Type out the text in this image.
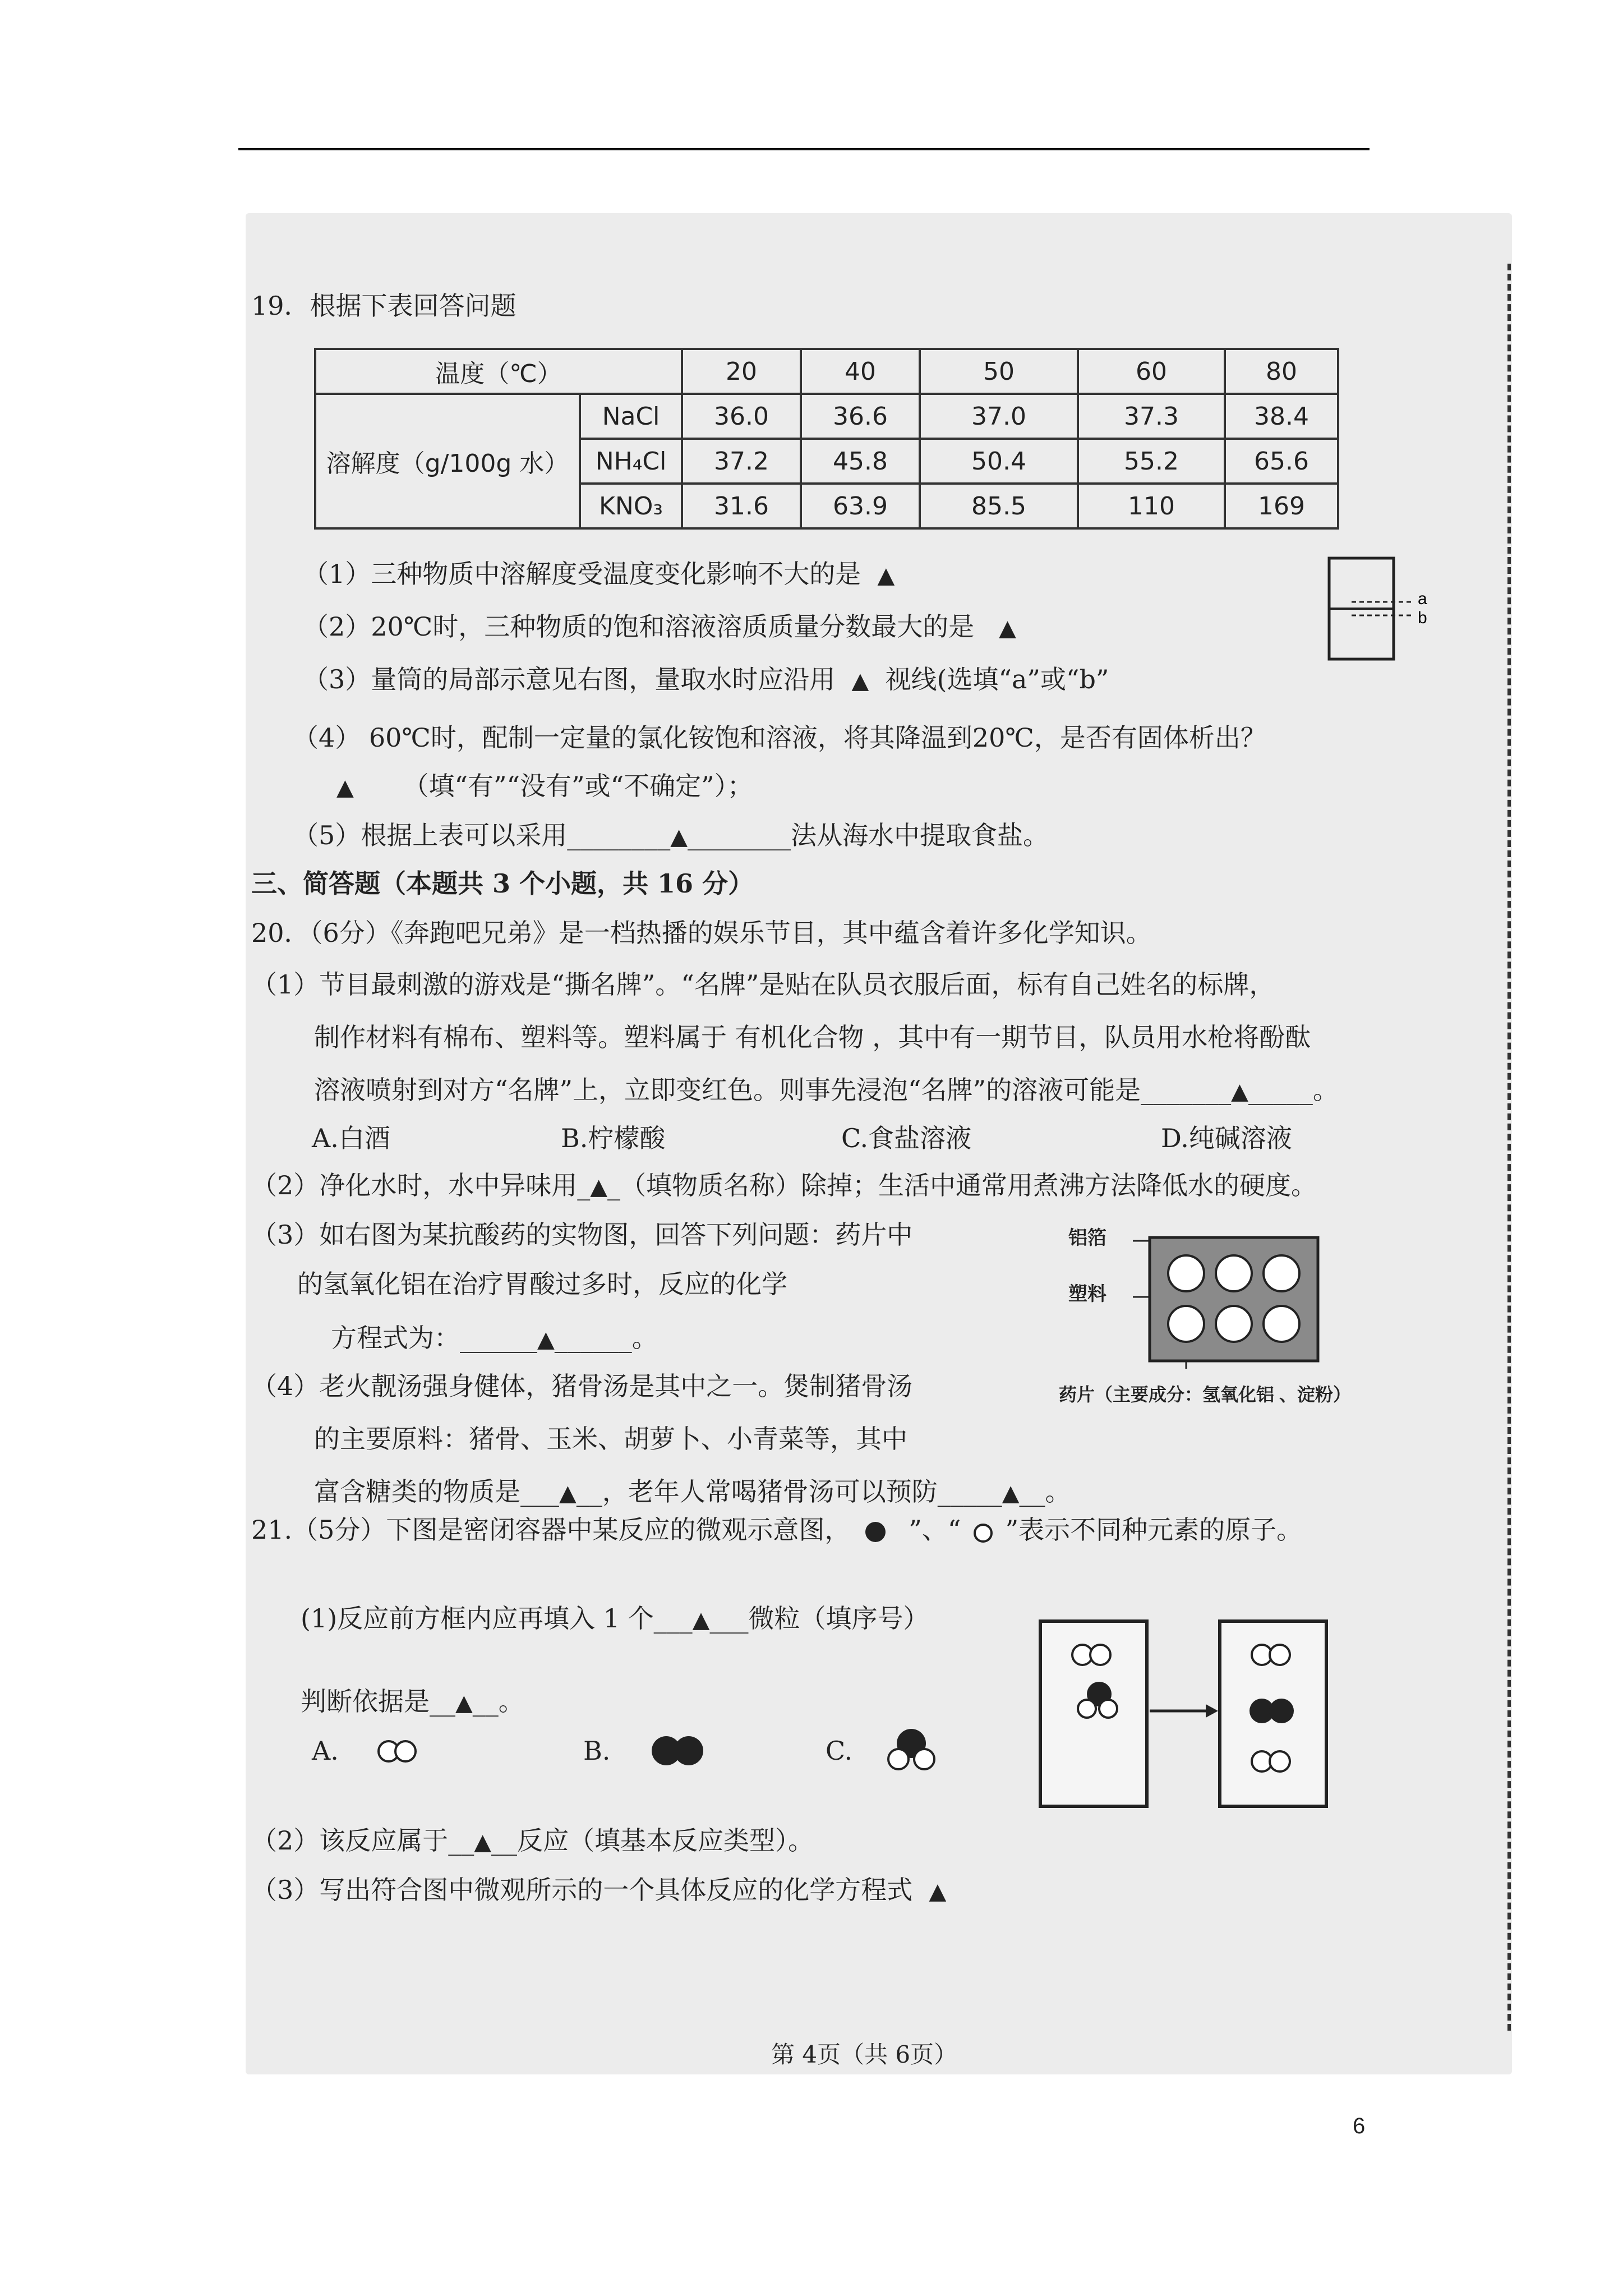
19．根据下表回答问题
温度（℃）		20	40	50	60	80
溶解度（g/100g 水）	NaCl	36.0	36.6	37.0	37.3	38.4
	NH₄Cl	37.2	45.8	50.4	55.2	65.6
	KNO₃	31.6	63.9	85.5	110	169
（1）三种物质中溶解度受温度变化影响不大的是 ▲
（2）20℃时，三种物质的饱和溶液溶质质量分数最大的是 ▲
（3）量筒的局部示意见右图，量取水时应沿用 ▲ 视线(选填“a”或“b”
a
b
（4） 60℃时，配制一定量的氯化铵饱和溶液，将其降温到20℃，是否有固体析出？
▲ （填“有”“没有”或“不确定”）；
（5）根据上表可以采用________▲________法从海水中提取食盐。
三、简答题（本题共 3 个小题，共 16 分）
20．（6分）《奔跑吧兄弟》是一档热播的娱乐节目，其中蕴含着许多化学知识。
（1）节目最刺激的游戏是“撕名牌”。“名牌”是贴在队员衣服后面，标有自己姓名的标牌，
制作材料有棉布、塑料等。塑料属于 有机化合物 ，其中有一期节目，队员用水枪将酚酞
溶液喷射到对方“名牌”上，立即变红色。则事先浸泡“名牌”的溶液可能是_______▲_____。
A.白酒	B.柠檬酸	C.食盐溶液	D.纯碱溶液
（2）净化水时，水中异味用_▲_（填物质名称）除掉；生活中通常用煮沸方法降低水的硬度。
（3）如右图为某抗酸药的实物图，回答下列问题：药片中
的氢氧化铝在治疗胃酸过多时，反应的化学
方程式为：______▲______。
铝箔
塑料
药片（主要成分：氢氧化铝 、淀粉）
（4）老火靓汤强身健体，猪骨汤是其中之一。煲制猪骨汤
的主要原料：猪骨、玉米、胡萝卜、小青菜等，其中
富含糖类的物质是___▲__，老年人常喝猪骨汤可以预防_____▲__。
21.（5分）下图是密闭容器中某反应的微观示意图， ”、“ ”表示不同种元素的原子。
(1)反应前方框内应再填入 1 个___▲___微粒（填序号）
判断依据是__▲__。
A.	B.	C.
（2）该反应属于__▲__反应（填基本反应类型）。
（3）写出符合图中微观所示的一个具体反应的化学方程式 ▲
第 4页（共 6页）
6
